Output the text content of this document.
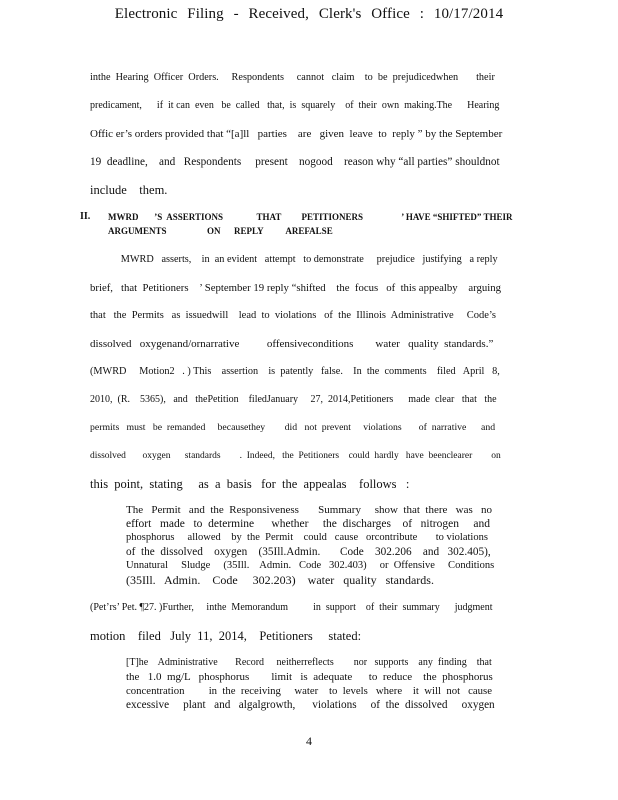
Electronic Filing - Received, Clerk's Office : 10/17/2014
inthe  Hearing  Officer  Orders.     Respondents     cannot   claim    to  be  prejudicedwhen       their
predicament,      if  it can  even   be  called   that,  is  squarely    of  their  own  making.The      Hearing
Offic er’s orders provided that “[a]ll   parties    are   given  leave  to  reply ” by the September
19  deadline,    and   Respondents     present    nogood    reason why “all parties” shouldnot
include    them.
II. MWRD       ’S  ASSERTIONS               THAT         PETITIONERS                 ’ HAVE “SHIFTED” THEIR
ARGUMENTS                  ON      REPLY          AREFALSE
MWRD   asserts,    in  an evident   attempt   to demonstrate     prejudice   justifying   a reply
brief,   that  Petitioners    ’ September 19 reply “shifted    the  focus   of  this appealby    arguing
that   the  Permits   as  issuedwill    lead  to  violations   of  the  Illinois  Administrative     Code’s
dissolved   oxygenand/ornarrative          offensiveconditions        water   quality  standards.”
(MWRD     Motion2   . ) This    assertion    is  patently   false.    In  the  comments    filed   April   8,
2010,  (R.    5365),   and   thePetition    filedJanuary     27,  2014,Petitioners      made  clear   that   the
permits   must   be  remanded     becausethey        did   not  prevent     violations       of  narrative      and
dissolved       oxygen      standards        .  Indeed,   the  Petitioners    could  hardly   have  beenclearer        on
this  point,  stating     as  a  basis   for  the  appealas    follows   :
The   Permit   and  the  Responsiveness       Summary     show  that  there   was   no
effort   made   to  determine      whether     the  discharges    of   nitrogen     and
phosphorus     allowed    by  the  Permit    could   cause   orcontribute       to violations
of  the  dissolved    oxygen    (35Ill.Admin.       Code    302.206    and   302.405),
Unnatural     Sludge     (35Ill.    Admin.   Code   302.403)     or  Offensive     Conditions
(35Ill.   Admin.    Code     302.203)    water   quality   standards.
(Pet’rs’ Pet. ¶27. )Further,     inthe  Memorandum          in  support    of  their  summary      judgment
motion    filed   July  11,  2014,    Petitioners     stated:
[T]he    Administrative       Record     neitherreflects        nor   supports    any  finding    that
the   1.0  mg/L   phosphorus        limit   is  adequate      to  reduce    the  phosphorus
concentration         in  the  receiving     water    to  levels   where    it  will  not   cause
excessive     plant   and   algalgrowth,      violations     of  the  dissolved     oxygen
4
